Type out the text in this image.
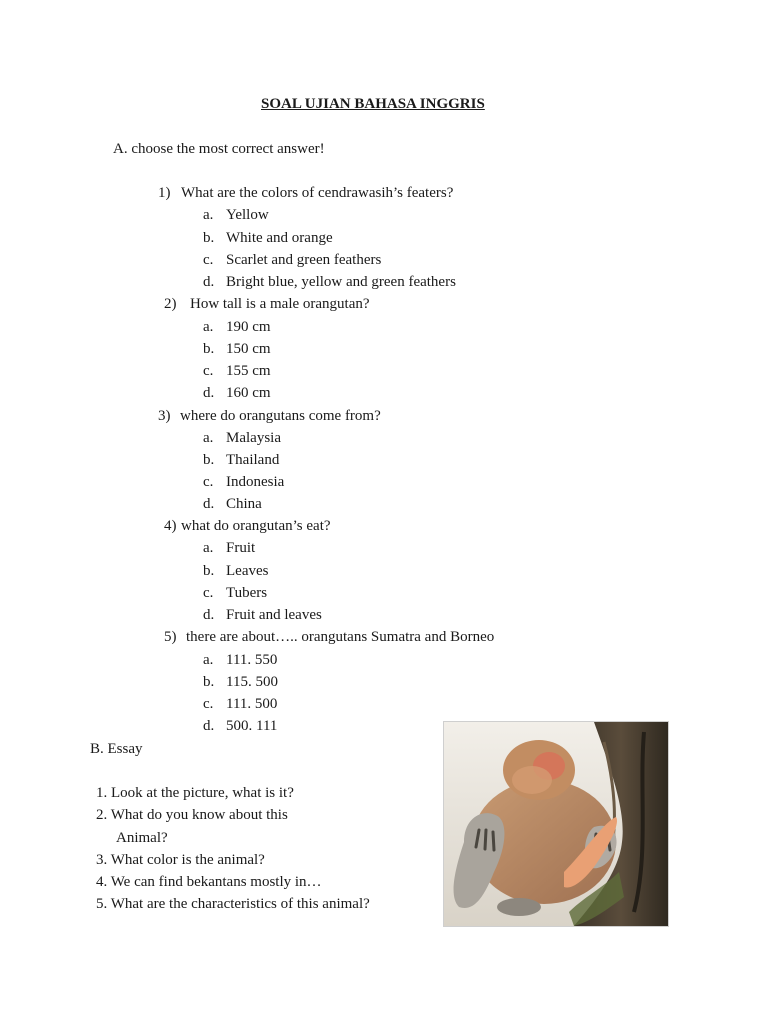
SOAL UJIAN BAHASA INGGRIS
A. choose the most correct answer!
1) What are the colors of cendrawasih’s featers?
a. Yellow
b. White and orange
c. Scarlet and green feathers
d. Bright blue, yellow and green feathers
2) How tall is a male orangutan?
a. 190 cm
b. 150 cm
c. 155 cm
d. 160 cm
3) where do orangutans come from?
a. Malaysia
b. Thailand
c. Indonesia
d. China
4) what do orangutan’s eat?
a. Fruit
b. Leaves
c. Tubers
d. Fruit and leaves
5) there are about….. orangutans Sumatra and Borneo
a. 111. 550
b. 115. 500
c. 111. 500
d. 500. 111
B. Essay
1. Look at the picture, what is it?
2. What do you know about this
Animal?
3. What color is the animal?
4. We can find bekantans mostly in…
5. What are the characteristics of this animal?
